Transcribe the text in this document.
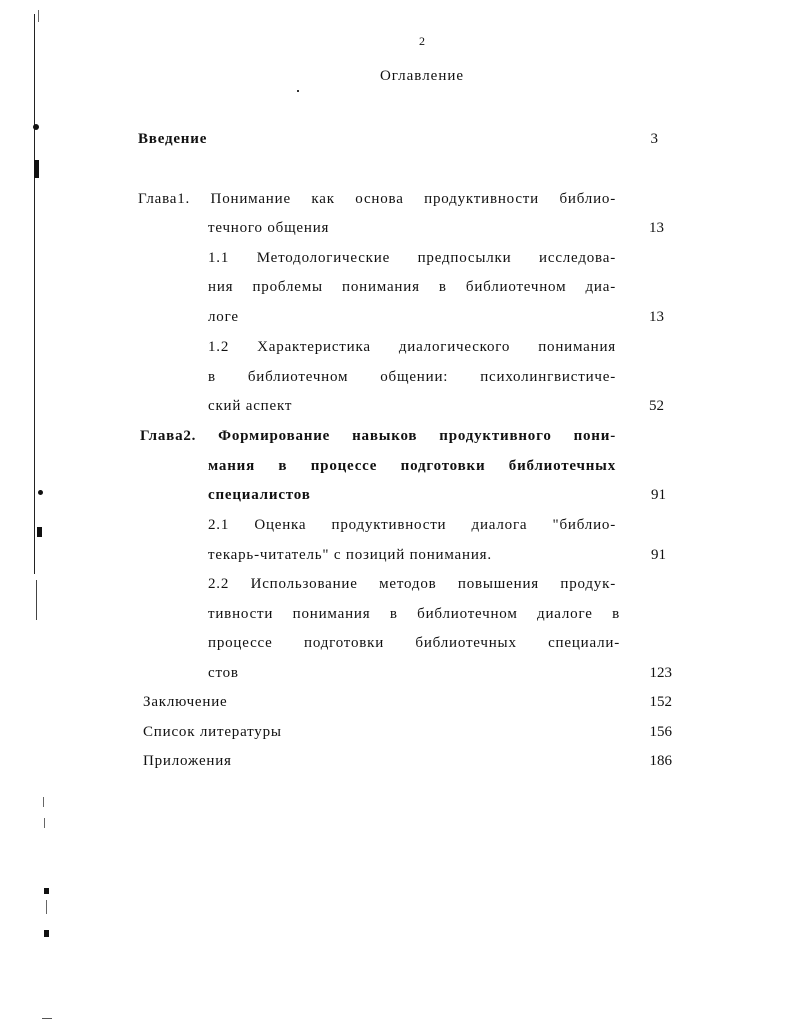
2
Оглавление
Введение	3
Глава1. Понимание как основа продуктивности библио-
течного общения	13
1.1 Методологические предпосылки исследова-
ния проблемы понимания в библиотечном диа-
логе	13
1.2 Характеристика диалогического понимания
в библиотечном общении: психолингвистиче-
ский аспект	52
Глава2. Формирование навыков продуктивного пони-
мания в процессе подготовки библиотечных
специалистов	91
2.1 Оценка продуктивности диалога "библио-
текарь-читатель" с позиций понимания.	91
2.2 Использование методов повышения продук-
тивности понимания в библиотечном диалоге в
процессе подготовки библиотечных специали-
стов	123
Заключение	152
Список литературы	156
Приложения	186
